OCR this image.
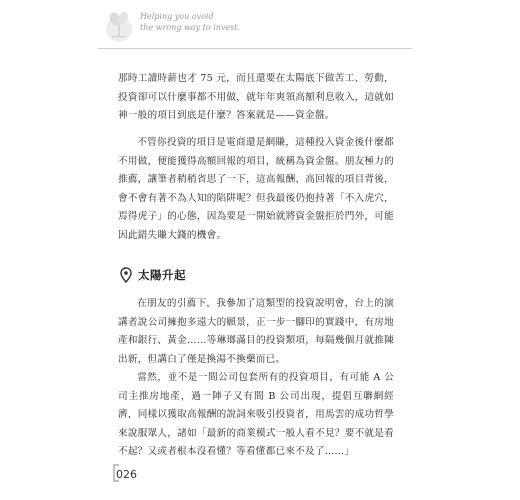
Helping you avoid
the wrong way to invest.

那時工讀時薪也才 75 元，而且還要在太陽底下做苦工、勞動，投資卻可以什麼事都不用做，就年年爽領高額利息收入，這就如神一般的項目到底是什麼？答案就是——資金盤。

不管你投資的項目是電商還是網賺，這種投入資金後什麼都不用做，便能獲得高額回報的項目，統稱為資金盤。朋友極力的推薦，讓筆者稍稍省思了一下，這高報酬、高回報的項目背後，會不會有著不為人知的陷阱呢？但我最後仍抱持著「不入虎穴，焉得虎子」的心態，因為要是一開始就將資金盤拒於門外，可能因此錯失賺大錢的機會。

太陽升起

在朋友的引薦下，我參加了這類型的投資說明會，台上的演講者說公司擁抱多遠大的願景，正一步一腳印的實踐中，有房地產和銀行、黃金……等琳瑯滿目的投資類項，每隔幾個月就推陳出新，但講白了僅是換湯不換藥而已。

當然，並不是一間公司包套所有的投資項目，有可能 A 公司主推房地產，過一陣子又有間 B 公司出現，提倡互聯網經濟，同樣以獲取高報酬的說詞來吸引投資者，用馬雲的成功哲學來說服眾人，諸如「最新的商業模式一般人看不見？要不就是看不起？又或者根本沒看懂？等看懂都已來不及了……」

026
